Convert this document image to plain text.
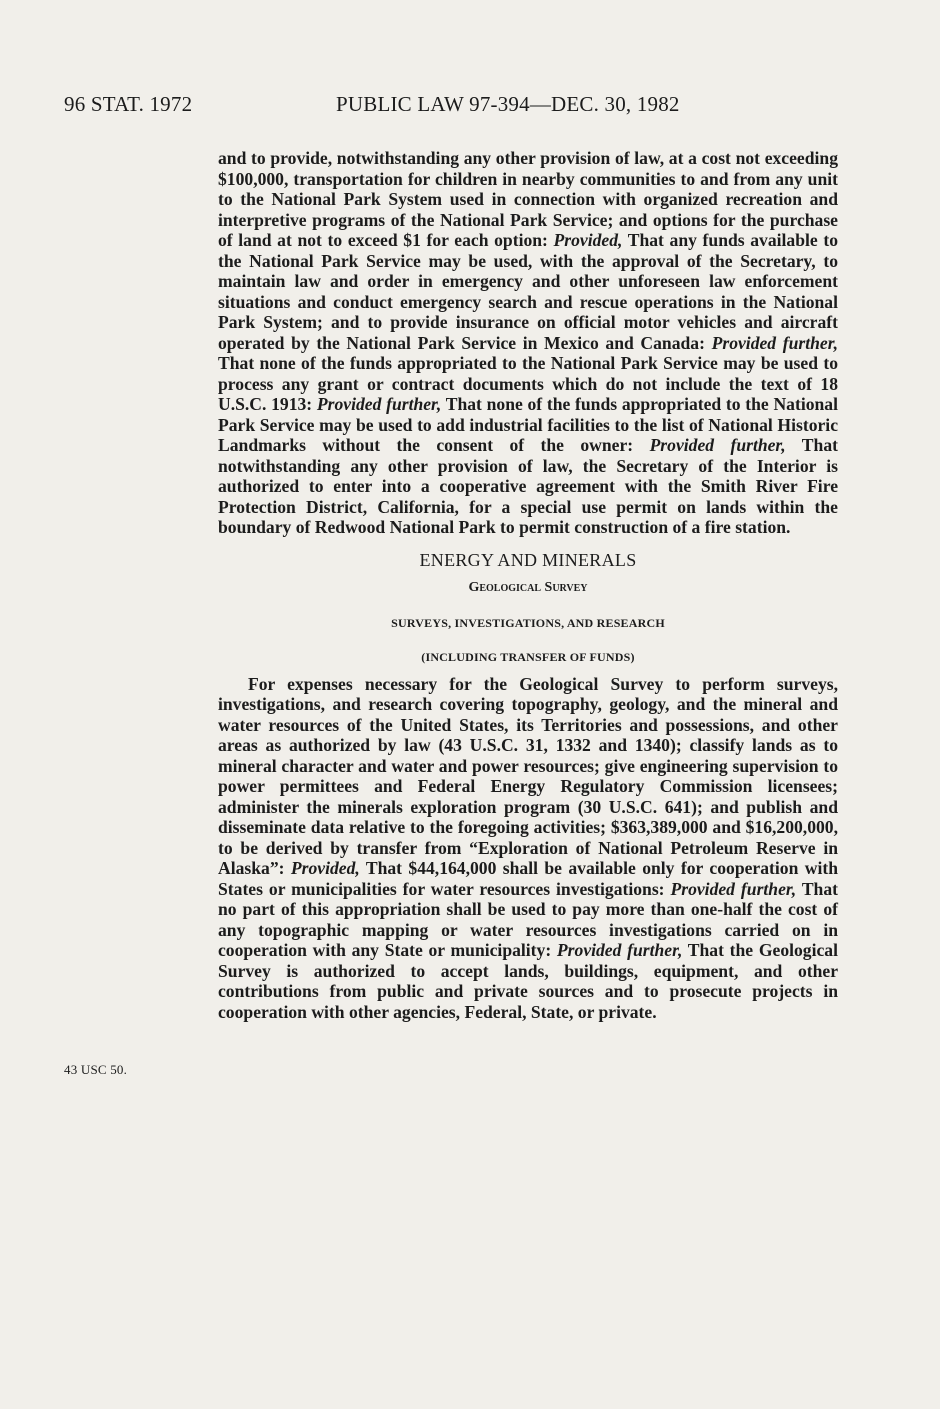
96 STAT. 1972	PUBLIC LAW 97-394—DEC. 30, 1982

and to provide, notwithstanding any other provision of law, at a cost not exceeding $100,000, transportation for children in nearby communities to and from any unit to the National Park System used in connection with organized recreation and interpretive programs of the National Park Service; and options for the purchase of land at not to exceed $1 for each option: Provided, That any funds available to the National Park Service may be used, with the approval of the Secretary, to maintain law and order in emergency and other unforeseen law enforcement situations and conduct emergency search and rescue operations in the National Park System; and to provide insurance on official motor vehicles and aircraft operated by the National Park Service in Mexico and Canada: Provided further, That none of the funds appropriated to the National Park Service may be used to process any grant or contract documents which do not include the text of 18 U.S.C. 1913: Provided further, That none of the funds appropriated to the National Park Service may be used to add industrial facilities to the list of National Historic Landmarks without the consent of the owner: Provided further, That notwithstanding any other provision of law, the Secretary of the Interior is authorized to enter into a cooperative agreement with the Smith River Fire Protection District, California, for a special use permit on lands within the boundary of Redwood National Park to permit construction of a fire station.

ENERGY AND MINERALS
Geological Survey
SURVEYS, INVESTIGATIONS, AND RESEARCH
(INCLUDING TRANSFER OF FUNDS)

For expenses necessary for the Geological Survey to perform surveys, investigations, and research covering topography, geology, and the mineral and water resources of the United States, its Territories and possessions, and other areas as authorized by law (43 U.S.C. 31, 1332 and 1340); classify lands as to mineral character and water and power resources; give engineering supervision to power permittees and Federal Energy Regulatory Commission licensees; administer the minerals exploration program (30 U.S.C. 641); and publish and disseminate data relative to the foregoing activities; $363,389,000 and $16,200,000, to be derived by transfer from “Exploration of National Petroleum Reserve in Alaska”: Provided, That $44,164,000 shall be available only for cooperation with States or municipalities for water resources investigations: Provided further, That no part of this appropriation shall be used to pay more than one-half the cost of any topographic mapping or water resources investigations carried on in cooperation with any State or municipality: Provided further, That the Geological Survey is authorized to accept lands, buildings, equipment, and other contributions from public and private sources and to prosecute projects in cooperation with other agencies, Federal, State, or private.

43 USC 50.
